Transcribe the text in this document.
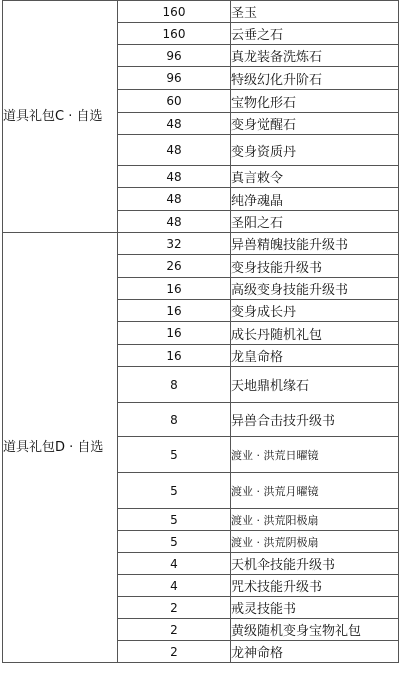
道具礼包C · 自选	160	圣玉
	160	云垂之石
	96	真龙装备洗炼石
	96	特级幻化升阶石
	60	宝物化形石
	48	变身觉醒石
	48	变身资质丹
	48	真言敕令
	48	纯净魂晶
	48	圣阳之石
道具礼包D · 自选	32	异兽精魄技能升级书
	26	变身技能升级书
	16	高级变身技能升级书
	16	变身成长丹
	16	成长丹随机礼包
	16	龙皇命格
	8	天地鼎机缘石
	8	异兽合击技升级书
	5	渡业 · 洪荒日曜镜
	5	渡业 · 洪荒月曜镜
	5	渡业 · 洪荒阳极扇
	5	渡业 · 洪荒阴极扇
	4	天机伞技能升级书
	4	咒术技能升级书
	2	戒灵技能书
	2	黄级随机变身宝物礼包
	2	龙神命格
